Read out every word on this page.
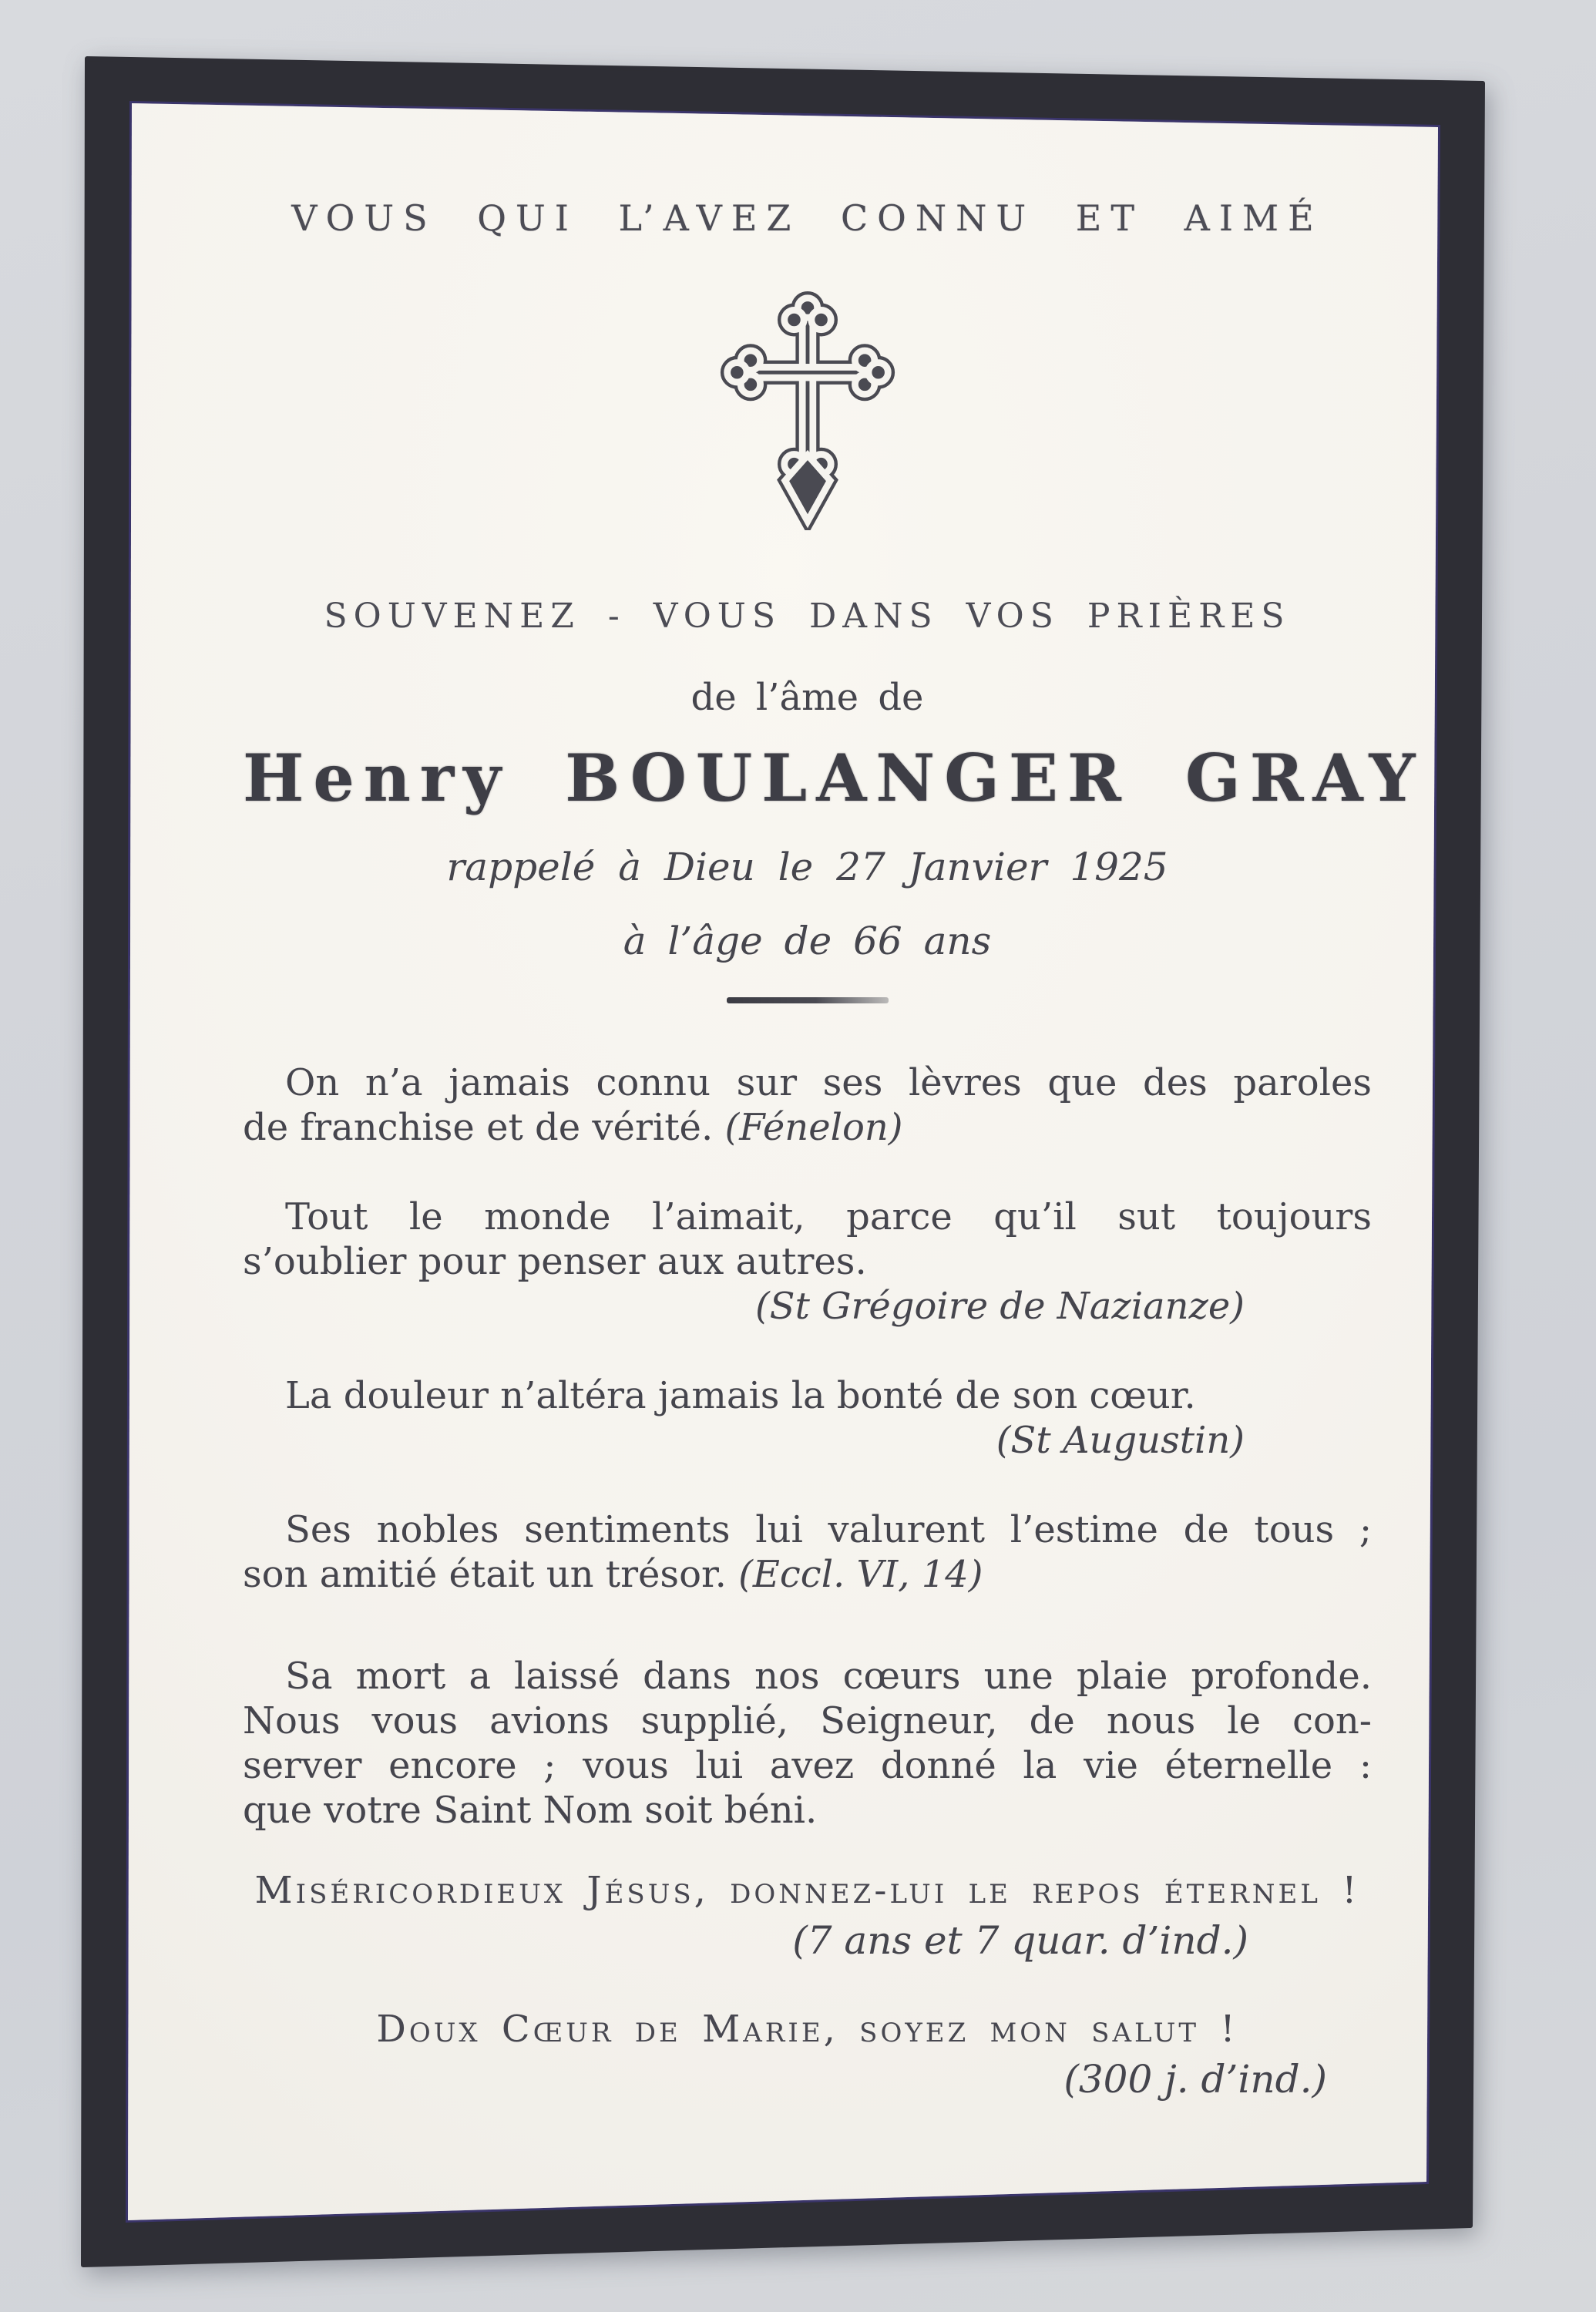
VOUS QUI L’AVEZ CONNU ET AIMÉ
SOUVENEZ - VOUS DANS VOS PRIÈRES
de l’âme de
Henry BOULANGER GRAY
rappelé à Dieu le 27 Janvier 1925
à l’âge de 66 ans

On n’a jamais connu sur ses lèvres que des paroles
de franchise et de vérité. (Fénelon)

Tout le monde l’aimait, parce qu’il sut toujours
s’oublier pour penser aux autres.
(St Grégoire de Nazianze)

La douleur n’altéra jamais la bonté de son cœur.
(St Augustin)

Ses nobles sentiments lui valurent l’estime de tous ;
son amitié était un trésor. (Eccl. VI, 14)

Sa mort a laissé dans nos cœurs une plaie profonde.
Nous vous avions supplié, Seigneur, de nous le con-
server encore ; vous lui avez donné la vie éternelle :
que votre Saint Nom soit béni.

Miséricordieux Jésus, donnez-lui le repos éternel !
(7 ans et 7 quar. d’ind.)
Doux Cœur de Marie, soyez mon salut !
(300 j. d’ind.)
